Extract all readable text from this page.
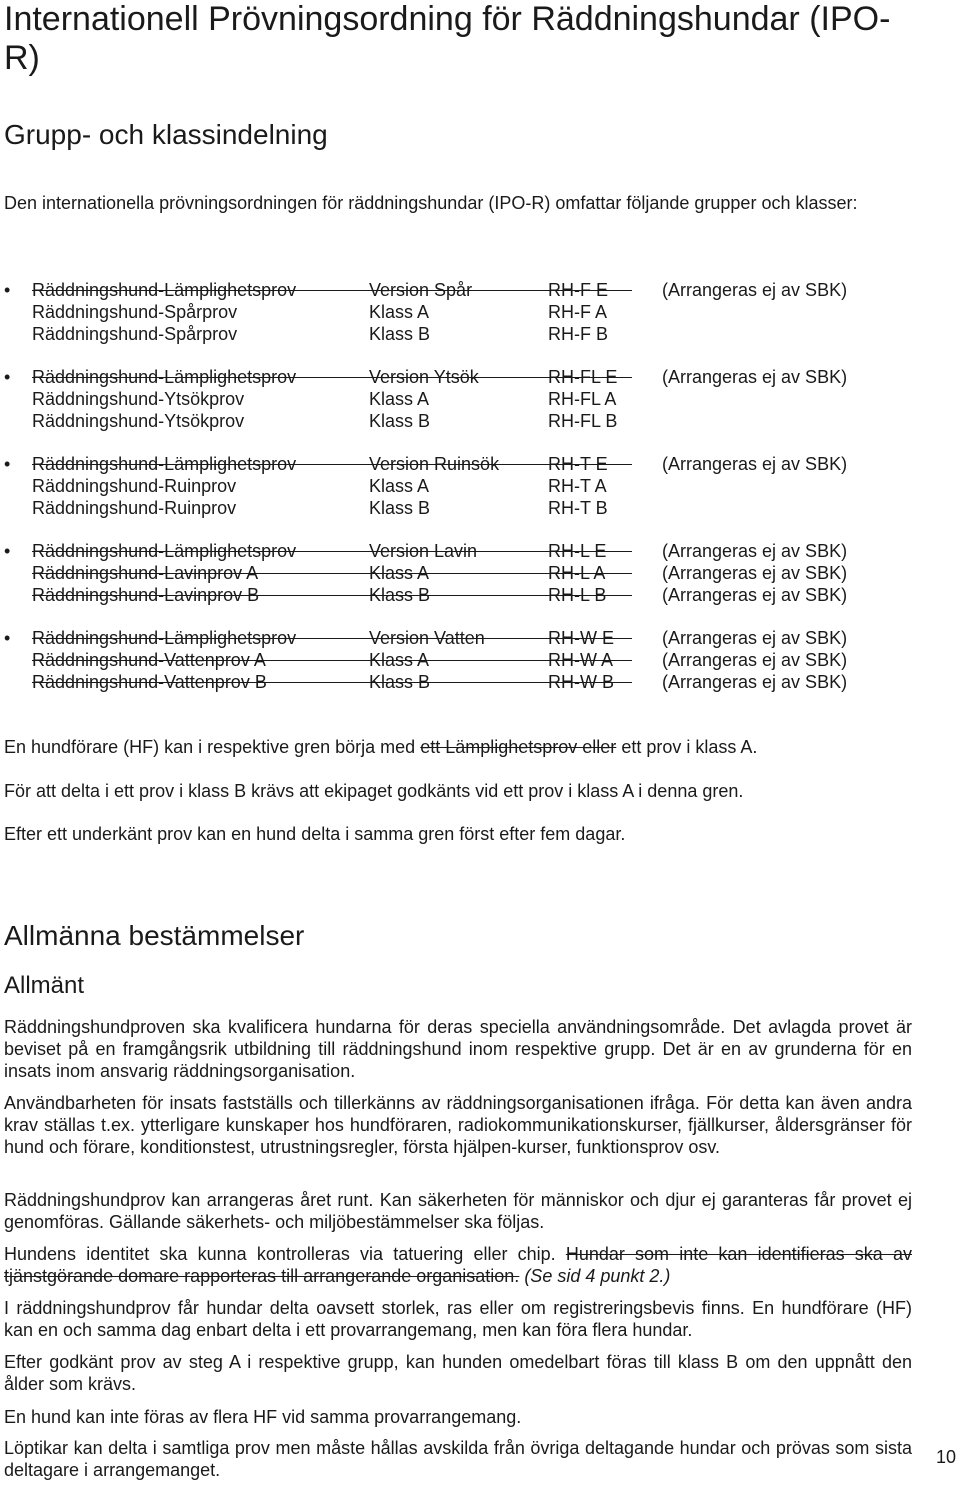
Internationell Prövningsordning för Räddningshundar (IPO-R)
Grupp- och klassindelning

Den internationella prövningsordningen för räddningshundar (IPO-R) omfattar följande grupper och klasser:

• Räddningshund-Lämplighetsprov	Version Spår	RH-F E	(Arrangeras ej av SBK)
Räddningshund-Spårprov	Klass A	RH-F A
Räddningshund-Spårprov	Klass B	RH-F B
• Räddningshund-Lämplighetsprov	Version Ytsök	RH-FL E (Arrangeras ej av SBK)
Räddningshund-Ytsökprov	Klass A	RH-FL A
Räddningshund-Ytsökprov	Klass B	RH-FL B
• Räddningshund-Lämplighetsprov	Version Ruinsök	RH-T E	(Arrangeras ej av SBK)
Räddningshund-Ruinprov	Klass A	RH-T A
Räddningshund-Ruinprov	Klass B	RH-T B
• Räddningshund-Lämplighetsprov	Version Lavin	RH-L E	(Arrangeras ej av SBK)
Räddningshund-Lavinprov A	Klass A	RH-L A	(Arrangeras ej av SBK)
Räddningshund-Lavinprov B	Klass B	RH-L B	(Arrangeras ej av SBK)
• Räddningshund-Lämplighetsprov	Version Vatten	RH-W E	(Arrangeras ej av SBK)
Räddningshund-Vattenprov A	Klass A	RH-W A	(Arrangeras ej av SBK)
Räddningshund-Vattenprov B	Klass B	RH-W B	(Arrangeras ej av SBK)
En hundförare (HF) kan i respektive gren börja med ett Lämplighetsprov eller ett prov i klass A.
För att delta i ett prov i klass B krävs att ekipaget godkänts vid ett prov i klass A i denna gren.
Efter ett underkänt prov kan en hund delta i samma gren först efter fem dagar.
Allmänna bestämmelser
Allmänt

Räddningshundproven ska kvalificera hundarna för deras speciella användningsområde. Det avlagda provet är beviset på en framgångsrik utbildning till räddningshund inom respektive grupp. Det är en av grunderna för en insats inom ansvarig räddningsorganisation.

Användbarheten för insats fastställs och tillerkänns av räddningsorganisationen ifråga. För detta kan även andra krav ställas t.ex. ytterligare kunskaper hos hundföraren, radiokommunikationskurser, fjällkurser, åldersgränser för hund och förare, konditionstest, utrustningsregler, första hjälpen-kurser, funktionsprov osv.

Räddningshundprov kan arrangeras året runt. Kan säkerheten för människor och djur ej garanteras får provet ej genomföras. Gällande säkerhets- och miljöbestämmelser ska följas.

Hundens identitet ska kunna kontrolleras via tatuering eller chip. Hundar som inte kan identifieras ska av tjänstgörande domare rapporteras till arrangerande organisation. (Se sid 4 punkt 2.)

I räddningshundprov får hundar delta oavsett storlek, ras eller om registreringsbevis finns. En hundförare (HF) kan en och samma dag enbart delta i ett provarrangemang, men kan föra flera hundar.

Efter godkänt prov av steg A i respektive grupp, kan hunden omedelbart föras till klass B om den uppnått den ålder som krävs.

En hund kan inte föras av flera HF vid samma provarrangemang.

Löptikar kan delta i samtliga prov men måste hållas avskilda från övriga deltagande hundar och prövas som sista deltagare i arrangemanget.

10
